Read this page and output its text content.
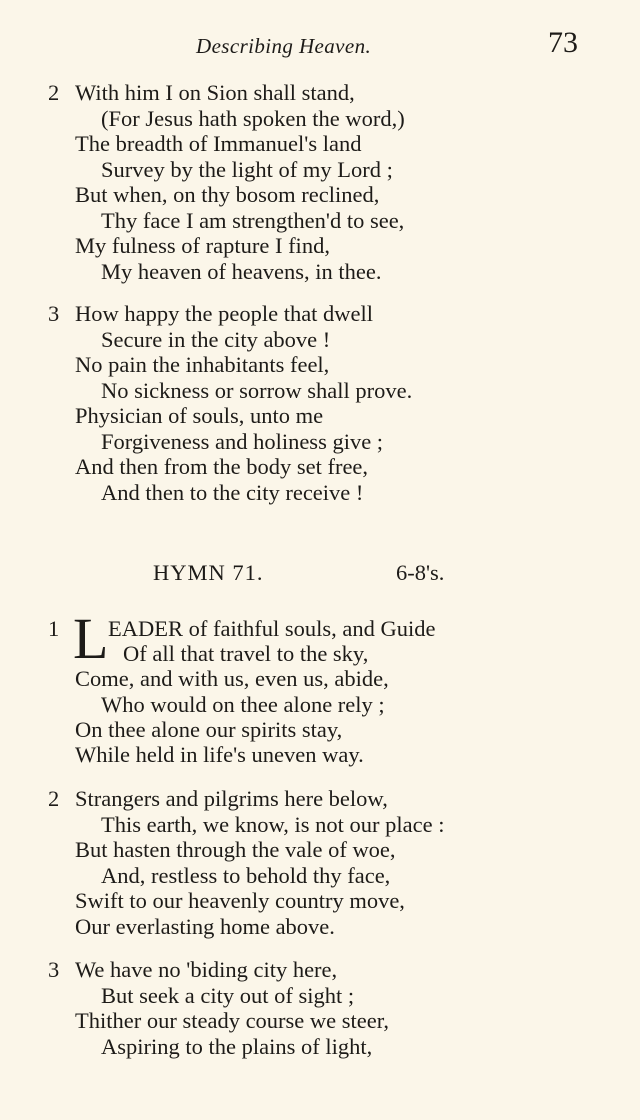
Describing Heaven.	73
2 With him I on Sion shall stand,
(For Jesus hath spoken the word,)
The breadth of Immanuel's land
Survey by the light of my Lord ;
But when, on thy bosom reclined,
Thy face I am strengthen'd to see,
My fulness of rapture I find,
My heaven of heavens, in thee.
3 How happy the people that dwell
Secure in the city above !
No pain the inhabitants feel,
No sickness or sorrow shall prove.
Physician of souls, unto me
Forgiveness and holiness give ;
And then from the body set free,
And then to the city receive !
HYMN 71.	6-8's.
1 L EADER of faithful souls, and Guide
Of all that travel to the sky,
Come, and with us, even us, abide,
Who would on thee alone rely ;
On thee alone our spirits stay,
While held in life's uneven way.
2 Strangers and pilgrims here below,
This earth, we know, is not our place :
But hasten through the vale of woe,
And, restless to behold thy face,
Swift to our heavenly country move,
Our everlasting home above.
3 We have no 'biding city here,
But seek a city out of sight ;
Thither our steady course we steer,
Aspiring to the plains of light,
